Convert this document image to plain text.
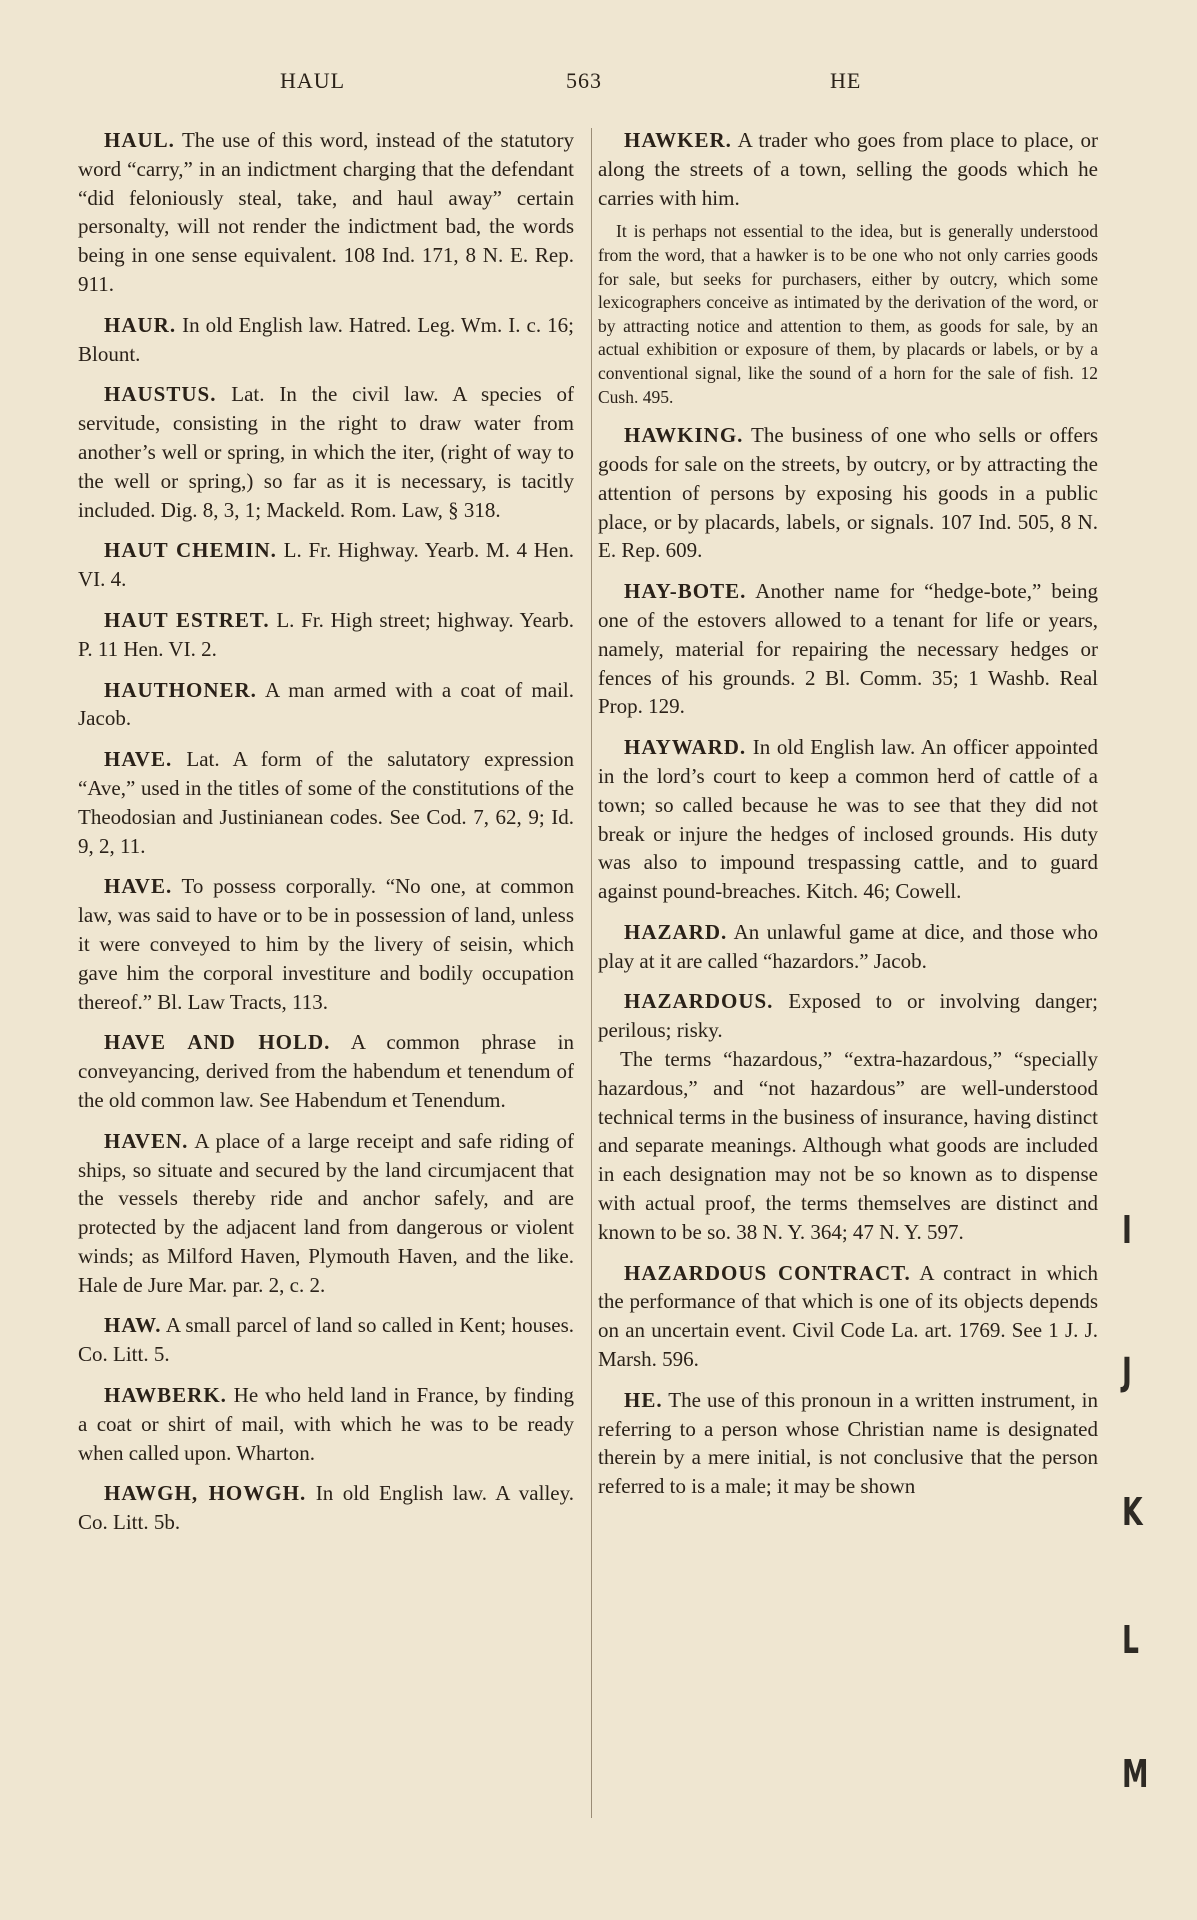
HAUL	563	HE

HAUL. The use of this word, instead of the statutory word “carry,” in an indictment charging that the defendant “did feloniously steal, take, and haul away” certain personalty, will not render the indictment bad, the words being in one sense equivalent. 108 Ind. 171, 8 N. E. Rep. 911.

HAUR. In old English law. Hatred. Leg. Wm. I. c. 16; Blount.

HAUSTUS. Lat. In the civil law. A species of servitude, consisting in the right to draw water from another’s well or spring, in which the iter, (right of way to the well or spring,) so far as it is necessary, is tacitly included. Dig. 8, 3, 1; Mackeld. Rom. Law, § 318.

HAUT CHEMIN. L. Fr. Highway. Yearb. M. 4 Hen. VI. 4.

HAUT ESTRET. L. Fr. High street; highway. Yearb. P. 11 Hen. VI. 2.

HAUTHONER. A man armed with a coat of mail. Jacob.

HAVE. Lat. A form of the salutatory expression “Ave,” used in the titles of some of the constitutions of the Theodosian and Justinianean codes. See Cod. 7, 62, 9; Id. 9, 2, 11.

HAVE. To possess corporally. “No one, at common law, was said to have or to be in possession of land, unless it were conveyed to him by the livery of seisin, which gave him the corporal investiture and bodily occupation thereof.” Bl. Law Tracts, 113.

HAVE AND HOLD. A common phrase in conveyancing, derived from the habendum et tenendum of the old common law. See Habendum et Tenendum.

HAVEN. A place of a large receipt and safe riding of ships, so situate and secured by the land circumjacent that the vessels thereby ride and anchor safely, and are protected by the adjacent land from dangerous or violent winds; as Milford Haven, Plymouth Haven, and the like. Hale de Jure Mar. par. 2, c. 2.

HAW. A small parcel of land so called in Kent; houses. Co. Litt. 5.

HAWBERK. He who held land in France, by finding a coat or shirt of mail, with which he was to be ready when called upon. Wharton.

HAWGH, HOWGH. In old English law. A valley. Co. Litt. 5b.

HAWKER. A trader who goes from place to place, or along the streets of a town, selling the goods which he carries with him.

It is perhaps not essential to the idea, but is generally understood from the word, that a hawker is to be one who not only carries goods for sale, but seeks for purchasers, either by outcry, which some lexicographers conceive as intimated by the derivation of the word, or by attracting notice and attention to them, as goods for sale, by an actual exhibition or exposure of them, by placards or labels, or by a conventional signal, like the sound of a horn for the sale of fish. 12 Cush. 495.

HAWKING. The business of one who sells or offers goods for sale on the streets, by outcry, or by attracting the attention of persons by exposing his goods in a public place, or by placards, labels, or signals. 107 Ind. 505, 8 N. E. Rep. 609.

HAY-BOTE. Another name for “hedge-bote,” being one of the estovers allowed to a tenant for life or years, namely, material for repairing the necessary hedges or fences of his grounds. 2 Bl. Comm. 35; 1 Washb. Real Prop. 129.

HAYWARD. In old English law. An officer appointed in the lord’s court to keep a common herd of cattle of a town; so called because he was to see that they did not break or injure the hedges of inclosed grounds. His duty was also to impound trespassing cattle, and to guard against pound-breaches. Kitch. 46; Cowell.

HAZARD. An unlawful game at dice, and those who play at it are called “hazardors.” Jacob.

HAZARDOUS. Exposed to or involving danger; perilous; risky.

The terms “hazardous,” “extra-hazardous,” “specially hazardous,” and “not hazardous” are well-understood technical terms in the business of insurance, having distinct and separate meanings. Although what goods are included in each designation may not be so known as to dispense with actual proof, the terms themselves are distinct and known to be so. 38 N. Y. 364; 47 N. Y. 597.

HAZARDOUS CONTRACT. A contract in which the performance of that which is one of its objects depends on an uncertain event. Civil Code La. art. 1769. See 1 J. J. Marsh. 596.

HE. The use of this pronoun in a written instrument, in referring to a person whose Christian name is designated therein by a mere initial, is not conclusive that the person referred to is a male; it may be shown

I
J
K
L
M
